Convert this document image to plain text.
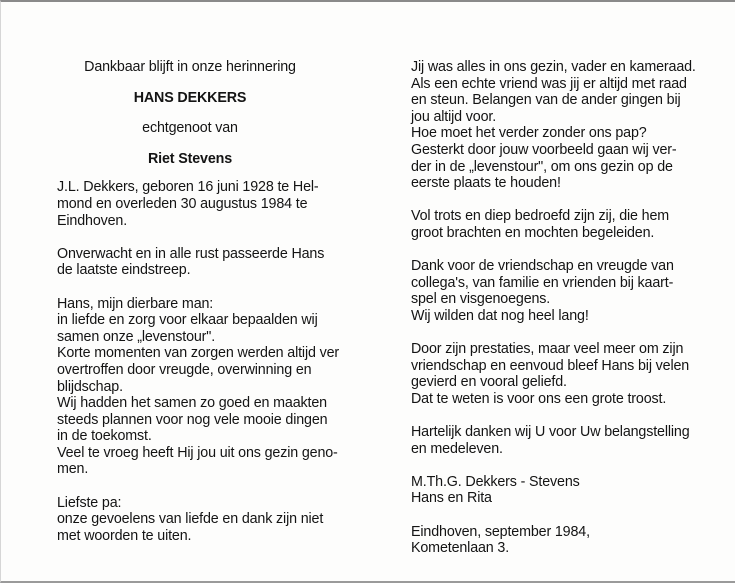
Dankbaar blijft in onze herinnering
HANS DEKKERS
echtgenoot van
Riet Stevens
J.L. Dekkers, geboren 16 juni 1928 te Hel-
mond en overleden 30 augustus 1984 te
Eindhoven.
Onverwacht en in alle rust passeerde Hans
de laatste eindstreep.
Hans, mijn dierbare man:
in liefde en zorg voor elkaar bepaalden wij
samen onze „levenstour".
Korte momenten van zorgen werden altijd ver
overtroffen door vreugde, overwinning en
blijdschap.
Wij hadden het samen zo goed en maakten
steeds plannen voor nog vele mooie dingen
in de toekomst.
Veel te vroeg heeft Hij jou uit ons gezin geno-
men.
Liefste pa:
onze gevoelens van liefde en dank zijn niet
met woorden te uiten.
Jij was alles in ons gezin, vader en kameraad.
Als een echte vriend was jij er altijd met raad
en steun. Belangen van de ander gingen bij
jou altijd voor.
Hoe moet het verder zonder ons pap?
Gesterkt door jouw voorbeeld gaan wij ver-
der in de „levenstour", om ons gezin op de
eerste plaats te houden!
Vol trots en diep bedroefd zijn zij, die hem
groot brachten en mochten begeleiden.
Dank voor de vriendschap en vreugde van
collega's, van familie en vrienden bij kaart-
spel en visgenoegens.
Wij wilden dat nog heel lang!
Door zijn prestaties, maar veel meer om zijn
vriendschap en eenvoud bleef Hans bij velen
gevierd en vooral geliefd.
Dat te weten is voor ons een grote troost.
Hartelijk danken wij U voor Uw belangstelling
en medeleven.
M.Th.G. Dekkers - Stevens
Hans en Rita
Eindhoven, september 1984,
Kometenlaan 3.
